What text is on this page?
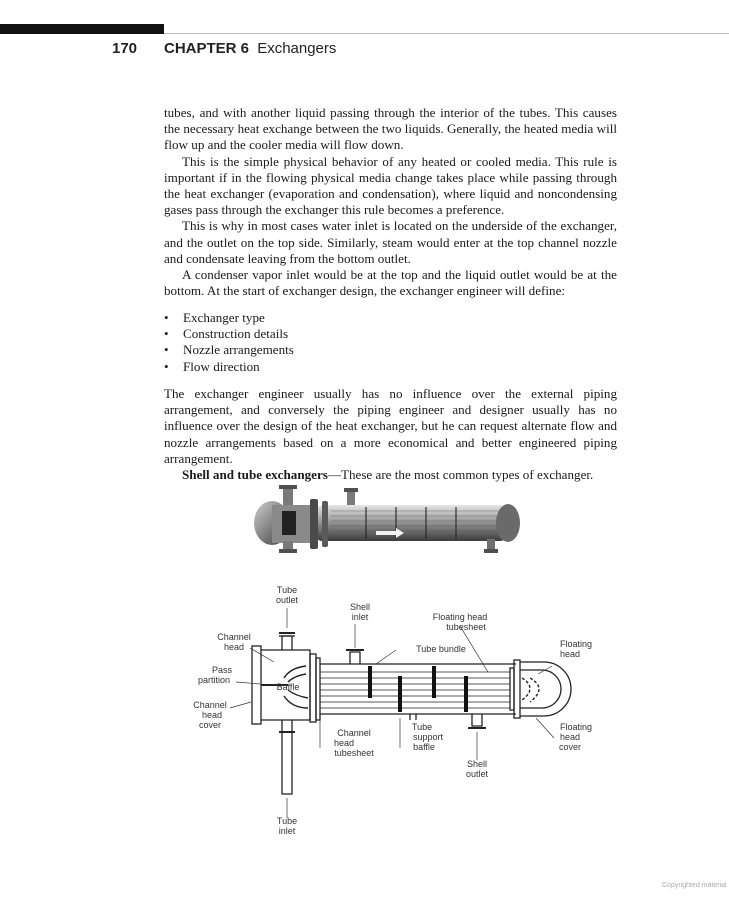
170 CHAPTER 6 Exchangers

tubes, and with another liquid passing through the interior of the tubes. This causes the necessary heat exchange between the two liquids. Generally, the heated media will flow up and the cooler media will flow down.

This is the simple physical behavior of any heated or cooled media. This rule is important if in the flowing physical media change takes place while passing through the heat exchanger (evaporation and condensation), where liquid and noncondensing gases pass through the exchanger this rule becomes a preference.

This is why in most cases water inlet is located on the underside of the exchanger, and the outlet on the top side. Similarly, steam would enter at the top channel nozzle and condensate leaving from the bottom outlet.

A condenser vapor inlet would be at the top and the liquid outlet would be at the bottom. At the start of exchanger design, the exchanger engineer will define:

• Exchanger type
• Construction details
• Nozzle arrangements
• Flow direction

The exchanger engineer usually has no influence over the external piping arrangement, and conversely the piping engineer and designer usually has no influence over the design of the heat exchanger, but he can request alternate flow and nozzle arrangements based on a more economical and better engineered piping arrangement.

Shell and tube exchangers—These are the most common types of exchanger.

Tube outlet
Shell inlet	Floating head tubesheet
Channel head	Tube bundle	Floating head
Pass partition
Baffle
Channel head cover
Channel head tubesheet
Tube support baffle
Floating head cover
Shell outlet
Tube inlet
Copyrighted material
